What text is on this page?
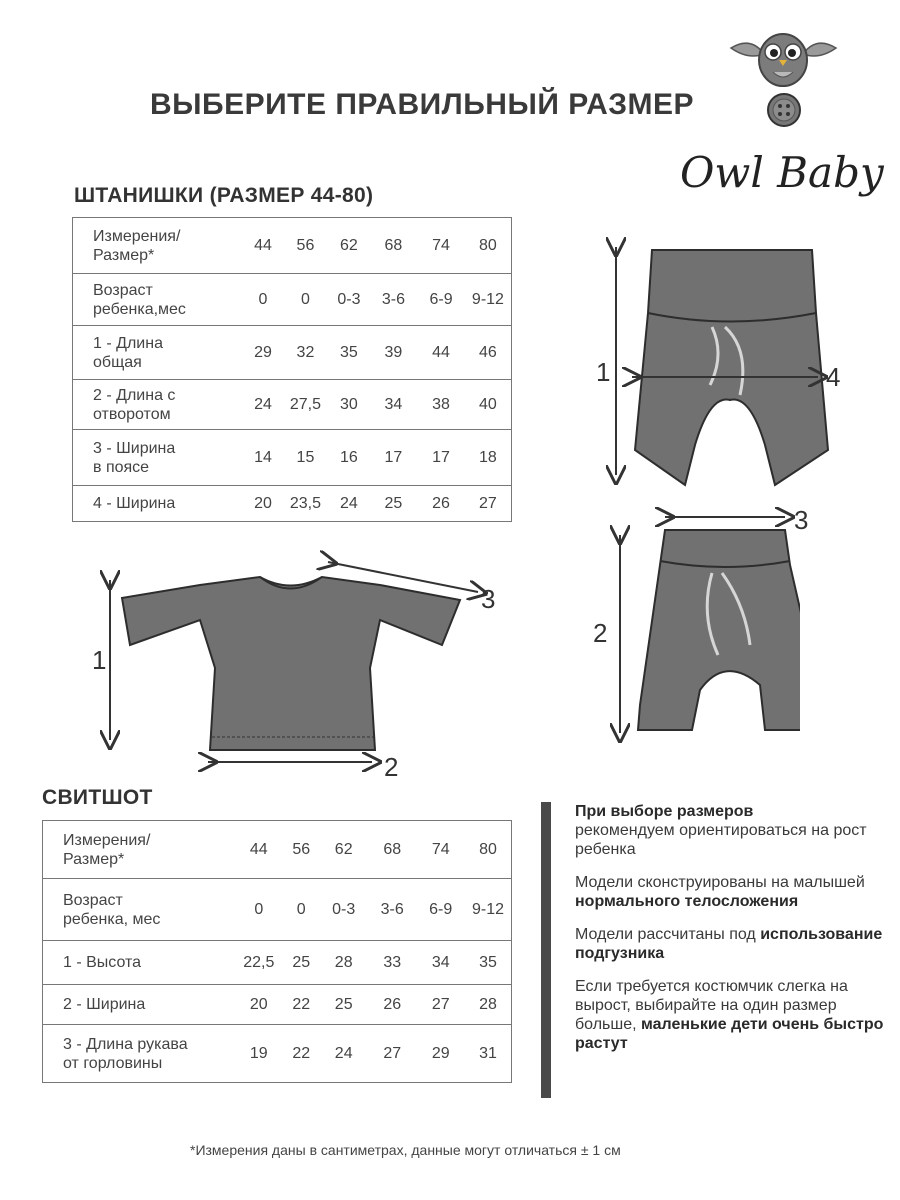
ВЫБЕРИТЕ ПРАВИЛЬНЫЙ РАЗМЕР
Owl Baby
ШТАНИШКИ (РАЗМЕР 44-80)
Измерения/
Размер*	44	56	62	68	74	80
Возраст
ребенка,мес	0	0	0-3	3-6	6-9	9-12
1 - Длина
общая	29	32	35	39	44	46
2 - Длина с
отворотом	24	27,5	30	34	38	40
3 - Ширина
в поясе	14	15	16	17	17	18
4 - Ширина	20	23,5	24	25	26	27
СВИТШОТ
Измерения/
Размер*	44	56	62	68	74	80
Возраст
ребенка, мес	0	0	0-3	3-6	6-9	9-12
1 - Высота	22,5	25	28	33	34	35
2 - Ширина	20	22	25	26	27	28
3 - Длина рукава
от горловины	19	22	24	27	29	31
1
2
3
1	4
2
3

При выборе размеров
рекомендуем ориентироваться на рост ребенка

Модели сконструированы на малышей нормального телосложения

Модели рассчитаны под использование подгузника

Если требуется костюмчик слегка на вырост, выбирайте на один размер больше, маленькие дети очень быстро растут

*Измерения даны в сантиметрах, данные могут отличаться ± 1 см
